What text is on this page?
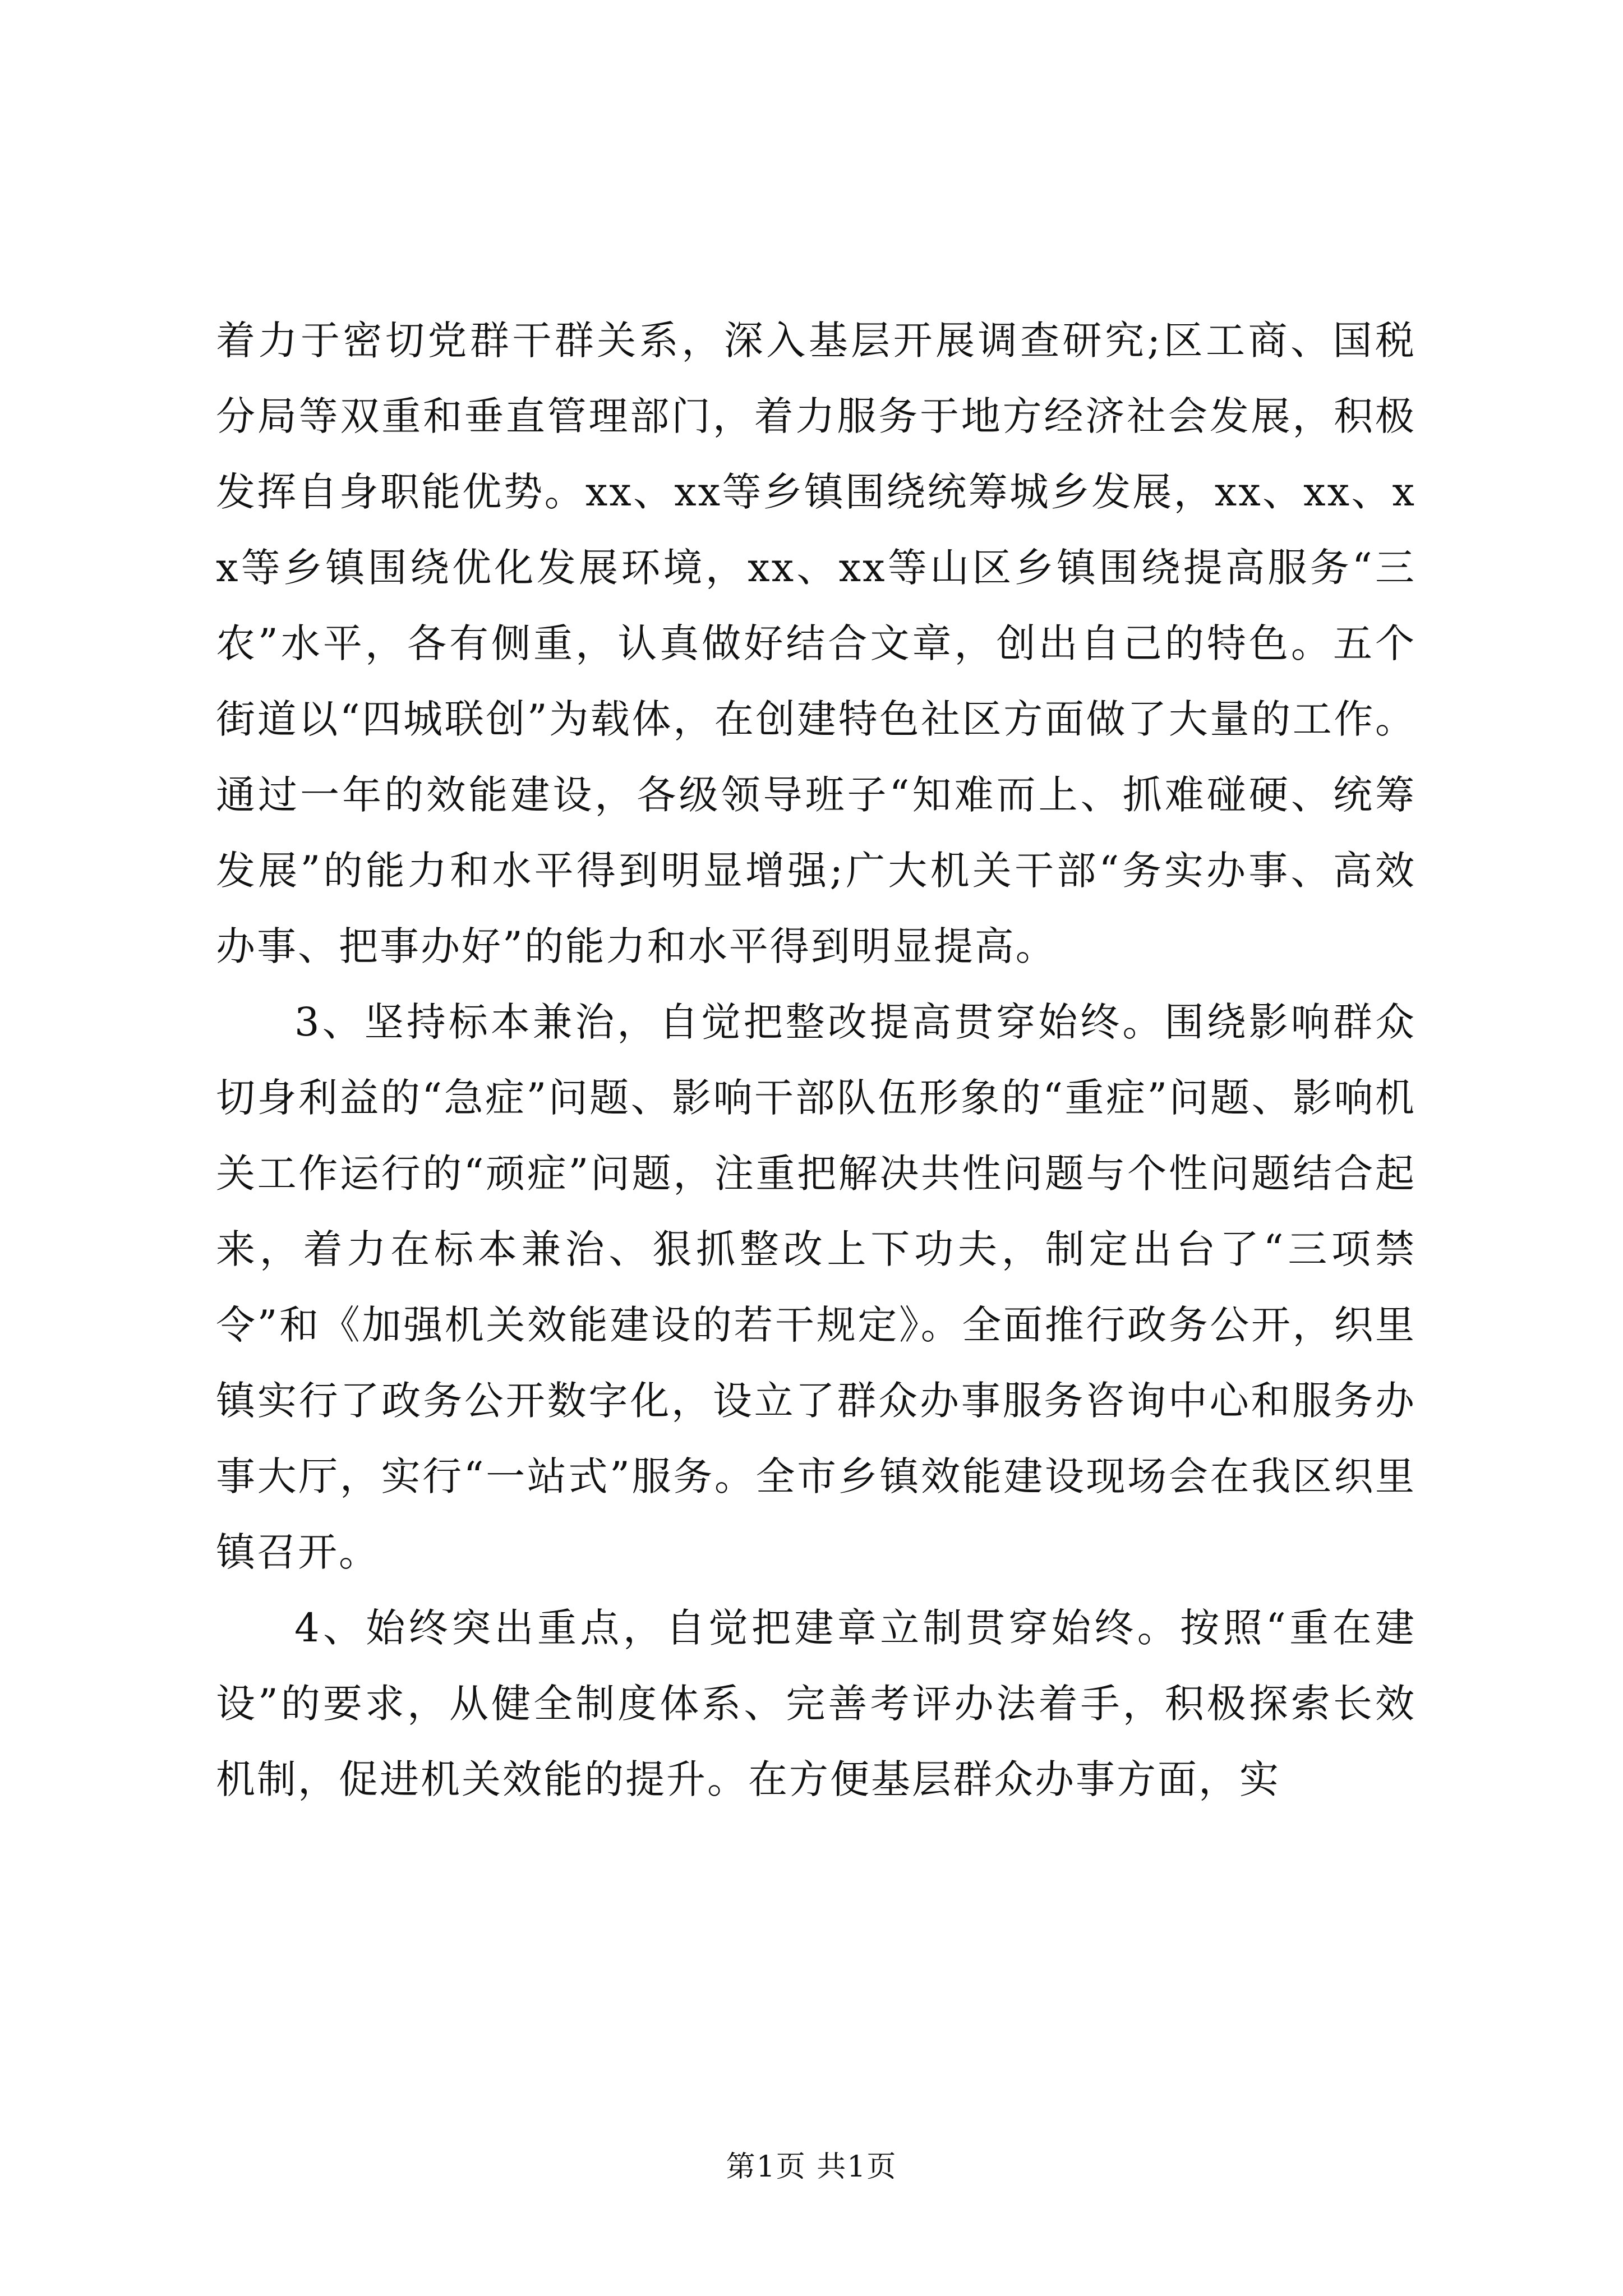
着力于密切党群干群关系，深入基层开展调查研究;区工商、国税分局等双重和垂直管理部门，着力服务于地方经济社会发展，积极发挥自身职能优势。xx、xx等乡镇围绕统筹城乡发展，xx、xx、xx等乡镇围绕优化发展环境，xx、xx等山区乡镇围绕提高服务“三农”水平，各有侧重，认真做好结合文章，创出自己的特色。五个街道以“四城联创”为载体，在创建特色社区方面做了大量的工作。通过一年的效能建设，各级领导班子“知难而上、抓难碰硬、统筹发展”的能力和水平得到明显增强;广大机关干部“务实办事、高效办事、把事办好”的能力和水平得到明显提高。

3、坚持标本兼治，自觉把整改提高贯穿始终。围绕影响群众切身利益的“急症”问题、影响干部队伍形象的“重症”问题、影响机关工作运行的“顽症”问题，注重把解决共性问题与个性问题结合起来，着力在标本兼治、狠抓整改上下功夫，制定出台了“三项禁令”和《加强机关效能建设的若干规定》。全面推行政务公开，织里镇实行了政务公开数字化，设立了群众办事服务咨询中心和服务办事大厅，实行“一站式”服务。全市乡镇效能建设现场会在我区织里镇召开。

4、始终突出重点，自觉把建章立制贯穿始终。按照“重在建设”的要求，从健全制度体系、完善考评办法着手，积极探索长效机制，促进机关效能的提升。在方便基层群众办事方面，实

第1页 共1页
